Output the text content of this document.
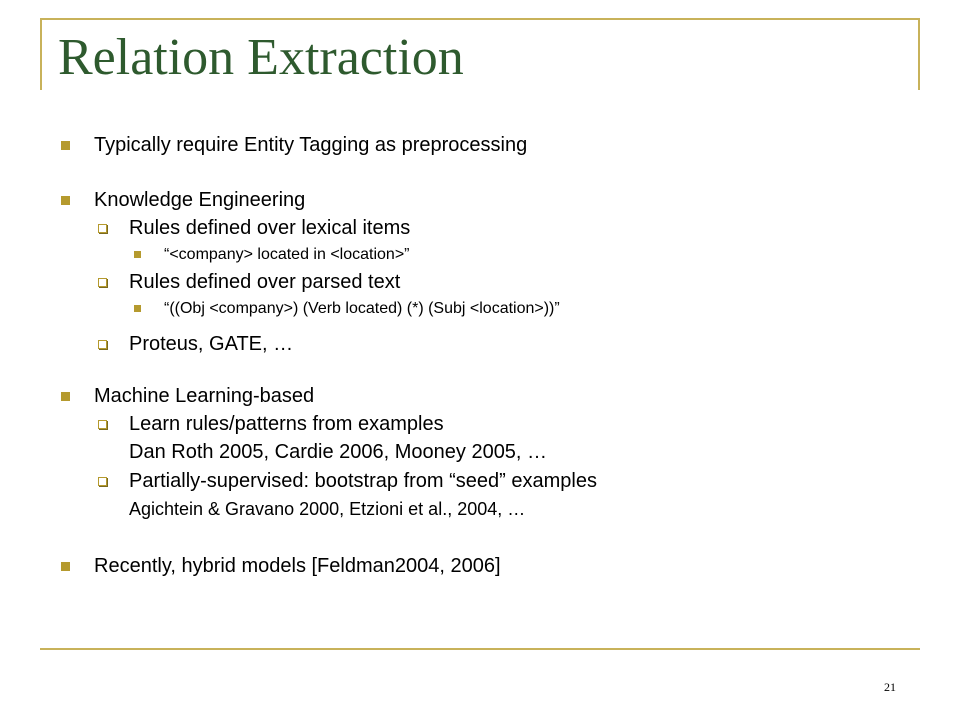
Relation Extraction
Typically require Entity Tagging as preprocessing
Knowledge Engineering
Rules defined over lexical items
“<company> located in <location>”
Rules defined over parsed text
“((Obj <company>) (Verb located) (*) (Subj <location>))”
Proteus, GATE, …
Machine Learning-based
Learn rules/patterns from examples
Dan Roth 2005, Cardie 2006, Mooney 2005, …
Partially-supervised: bootstrap from “seed” examples
Agichtein & Gravano 2000, Etzioni et al., 2004, …
Recently, hybrid models [Feldman2004, 2006]
21
